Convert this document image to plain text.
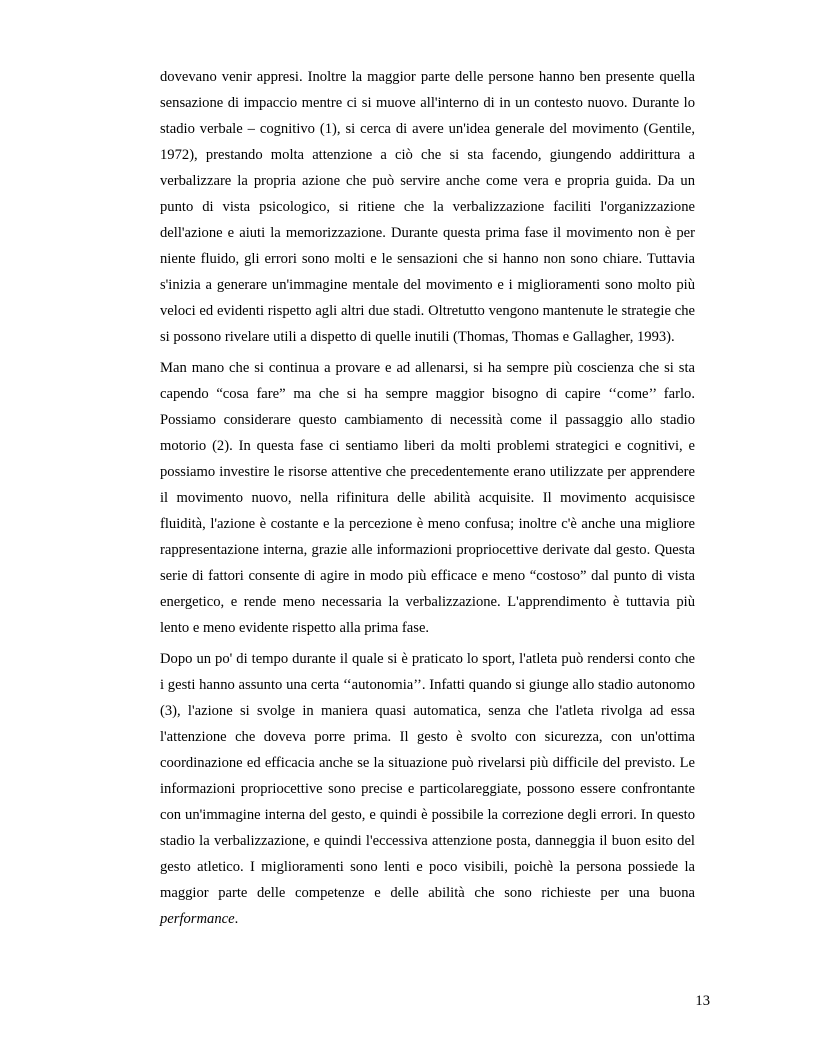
dovevano venir appresi. Inoltre la maggior parte delle persone hanno ben presente quella sensazione di impaccio mentre ci si muove all'interno di in un contesto nuovo. Durante lo stadio verbale – cognitivo (1), si cerca di avere un'idea generale del movimento (Gentile, 1972), prestando molta attenzione a ciò che si sta facendo, giungendo addirittura a verbalizzare la propria azione che può servire anche come vera e propria guida. Da un punto di vista psicologico, si ritiene che la verbalizzazione faciliti l'organizzazione dell'azione e aiuti la memorizzazione. Durante questa prima fase il movimento non è per niente fluido, gli errori sono molti e le sensazioni che si hanno non sono chiare. Tuttavia s'inizia a generare un'immagine mentale del movimento e i miglioramenti sono molto più veloci ed evidenti rispetto agli altri due stadi. Oltretutto vengono mantenute le strategie che si possono rivelare utili a dispetto di quelle inutili (Thomas, Thomas e Gallagher, 1993).

Man mano che si continua a provare e ad allenarsi, si ha sempre più coscienza che si sta capendo “cosa fare” ma che si ha sempre maggior bisogno di capire ‘‘come’’ farlo. Possiamo considerare questo cambiamento di necessità come il passaggio allo stadio motorio (2). In questa fase ci sentiamo liberi da molti problemi strategici e cognitivi, e possiamo investire le risorse attentive che precedentemente erano utilizzate per apprendere il movimento nuovo, nella rifinitura delle abilità acquisite. Il movimento acquisisce fluidità, l'azione è costante e la percezione è meno confusa; inoltre c'è anche una migliore rappresentazione interna, grazie alle informazioni propriocettive derivate dal gesto. Questa serie di fattori consente di agire in modo più efficace e meno “costoso” dal punto di vista energetico, e rende meno necessaria la verbalizzazione. L'apprendimento è tuttavia più lento e meno evidente rispetto alla prima fase.

Dopo un po' di tempo durante il quale si è praticato lo sport, l'atleta può rendersi conto che i gesti hanno assunto una certa ‘‘autonomia’’. Infatti quando si giunge allo stadio autonomo (3), l'azione si svolge in maniera quasi automatica, senza che l'atleta rivolga ad essa l'attenzione che doveva porre prima. Il gesto è svolto con sicurezza, con un'ottima coordinazione ed efficacia anche se la situazione può rivelarsi più difficile del previsto. Le informazioni propriocettive sono precise e particolareggiate, possono essere confrontante con un'immagine interna del gesto, e quindi è possibile la correzione degli errori. In questo stadio la verbalizzazione, e quindi l'eccessiva attenzione posta, danneggia il buon esito del gesto atletico. I miglioramenti sono lenti e poco visibili, poichè la persona possiede la maggior parte delle competenze e delle abilità che sono richieste per una buona performance.

13
